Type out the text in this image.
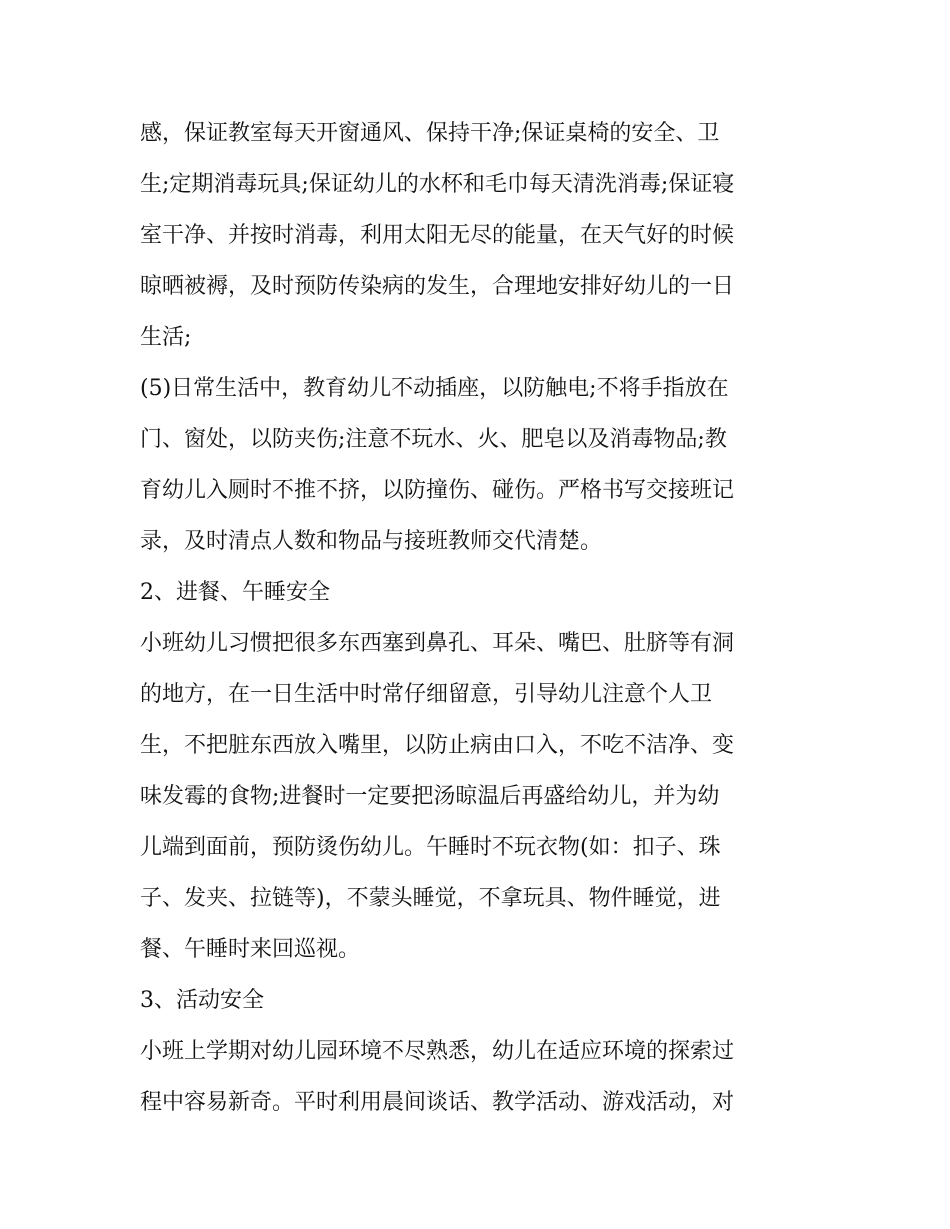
感，保证教室每天开窗通风、保持干净;保证桌椅的安全、卫
生;定期消毒玩具;保证幼儿的水杯和毛巾每天清洗消毒;保证寝
室干净、并按时消毒，利用太阳无尽的能量，在天气好的时候
晾晒被褥，及时预防传染病的发生，合理地安排好幼儿的一日
生活;
(5)日常生活中，教育幼儿不动插座，以防触电;不将手指放在
门、窗处，以防夹伤;注意不玩水、火、肥皂以及消毒物品;教
育幼儿入厕时不推不挤，以防撞伤、碰伤。严格书写交接班记
录，及时清点人数和物品与接班教师交代清楚。
2、进餐、午睡安全
小班幼儿习惯把很多东西塞到鼻孔、耳朵、嘴巴、肚脐等有洞
的地方，在一日生活中时常仔细留意，引导幼儿注意个人卫
生，不把脏东西放入嘴里，以防止病由口入，不吃不洁净、变
味发霉的食物;进餐时一定要把汤晾温后再盛给幼儿，并为幼
儿端到面前，预防烫伤幼儿。午睡时不玩衣物(如：扣子、珠
子、发夹、拉链等)，不蒙头睡觉，不拿玩具、物件睡觉，进
餐、午睡时来回巡视。
3、活动安全
小班上学期对幼儿园环境不尽熟悉，幼儿在适应环境的探索过
程中容易新奇。平时利用晨间谈话、教学活动、游戏活动，对
